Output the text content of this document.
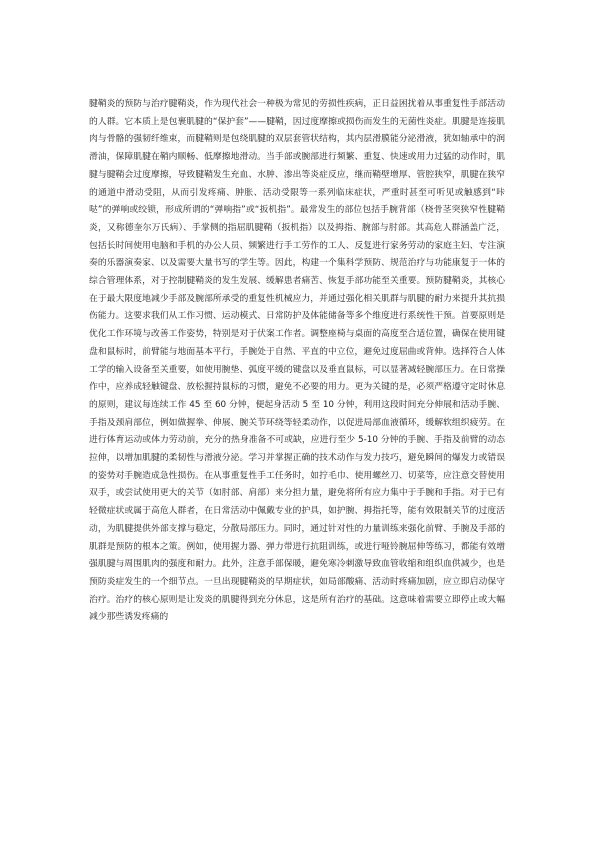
腱鞘炎的预防与治疗腱鞘炎，作为现代社会一种极为常见的劳损性疾病，正日益困扰着从事重复性手部活动的人群。它本质上是包裹肌腱的“保护套”——腱鞘，因过度摩擦或损伤而发生的无菌性炎症。肌腱是连接肌肉与骨骼的强韧纤维束，而腱鞘则是包绕肌腱的双层套管状结构，其内层滑膜能分泌滑液，犹如轴承中的润滑油，保障肌腱在鞘内顺畅、低摩擦地滑动。当手部或腕部进行频繁、重复、快速或用力过猛的动作时，肌腱与腱鞘会过度摩擦，导致腱鞘发生充血、水肿、渗出等炎症反应，继而鞘壁增厚、管腔狭窄，肌腱在狭窄的通道中滑动受阻，从而引发疼痛、肿胀、活动受限等一系列临床症状，严重时甚至可听见或触感到“咔哒”的弹响或绞锁，形成所谓的“弹响指”或“扳机指”。最常发生的部位包括手腕背部（桡骨茎突狭窄性腱鞘炎，又称德奎尔万氏病）、手掌侧的指屈肌腱鞘（扳机指）以及拇指、腕部与肘部。其高危人群涵盖广泛，包括长时间使用电脑和手机的办公人员、频繁进行手工劳作的工人、反复进行家务劳动的家庭主妇、专注演奏的乐器演奏家、以及需要大量书写的学生等。因此，构建一个集科学预防、规范治疗与功能康复于一体的综合管理体系，对于控制腱鞘炎的发生发展、缓解患者痛苦、恢复手部功能至关重要。预防腱鞘炎，其核心在于最大限度地减少手部及腕部所承受的重复性机械应力，并通过强化相关肌群与肌腱的耐力来提升其抗损伤能力。这要求我们从工作习惯、运动模式、日常防护及体能储备等多个维度进行系统性干预。首要原则是优化工作环境与改善工作姿势，特别是对于伏案工作者。调整座椅与桌面的高度至合适位置，确保在使用键盘和鼠标时，前臂能与地面基本平行，手腕处于自然、平直的中立位，避免过度屈曲或背伸。选择符合人体工学的输入设备至关重要，如使用腕垫、弧度平缓的键盘以及垂直鼠标，可以显著减轻腕部压力。在日常操作中，应养成轻触键盘、放松握持鼠标的习惯，避免不必要的用力。更为关键的是，必须严格遵守定时休息的原则，建议每连续工作 45 至 60 分钟，便起身活动 5 至 10 分钟，利用这段时间充分伸展和活动手腕、手指及颈肩部位，例如做握拳、伸展、腕关节环绕等轻柔动作，以促进局部血液循环，缓解软组织疲劳。在进行体育运动或体力劳动前，充分的热身准备不可或缺，应进行至少 5-10 分钟的手腕、手指及前臂的动态拉伸，以增加肌腱的柔韧性与滑液分泌。学习并掌握正确的技术动作与发力技巧，避免瞬间的爆发力或错误的姿势对手腕造成急性损伤。在从事重复性手工任务时，如拧毛巾、使用螺丝刀、切菜等，应注意交替使用双手，或尝试使用更大的关节（如肘部、肩部）来分担力量，避免将所有应力集中于手腕和手指。对于已有轻微症状或属于高危人群者，在日常活动中佩戴专业的护具，如护腕、拇指托等，能有效限制关节的过度活动，为肌腱提供外部支撑与稳定，分散局部压力。同时，通过针对性的力量训练来强化前臂、手腕及手部的肌群是预防的根本之策。例如，使用握力器、弹力带进行抗阻训练，或进行哑铃腕屈伸等练习，都能有效增强肌腱与周围肌肉的强度和耐力。此外，注意手部保暖，避免寒冷刺激导致血管收缩和组织血供减少，也是预防炎症发生的一个细节点。一旦出现腱鞘炎的早期症状，如局部酸痛、活动时疼痛加剧，应立即启动保守治疗。治疗的核心原则是让发炎的肌腱得到充分休息，这是所有治疗的基础。这意味着需要立即停止或大幅减少那些诱发疼痛的
